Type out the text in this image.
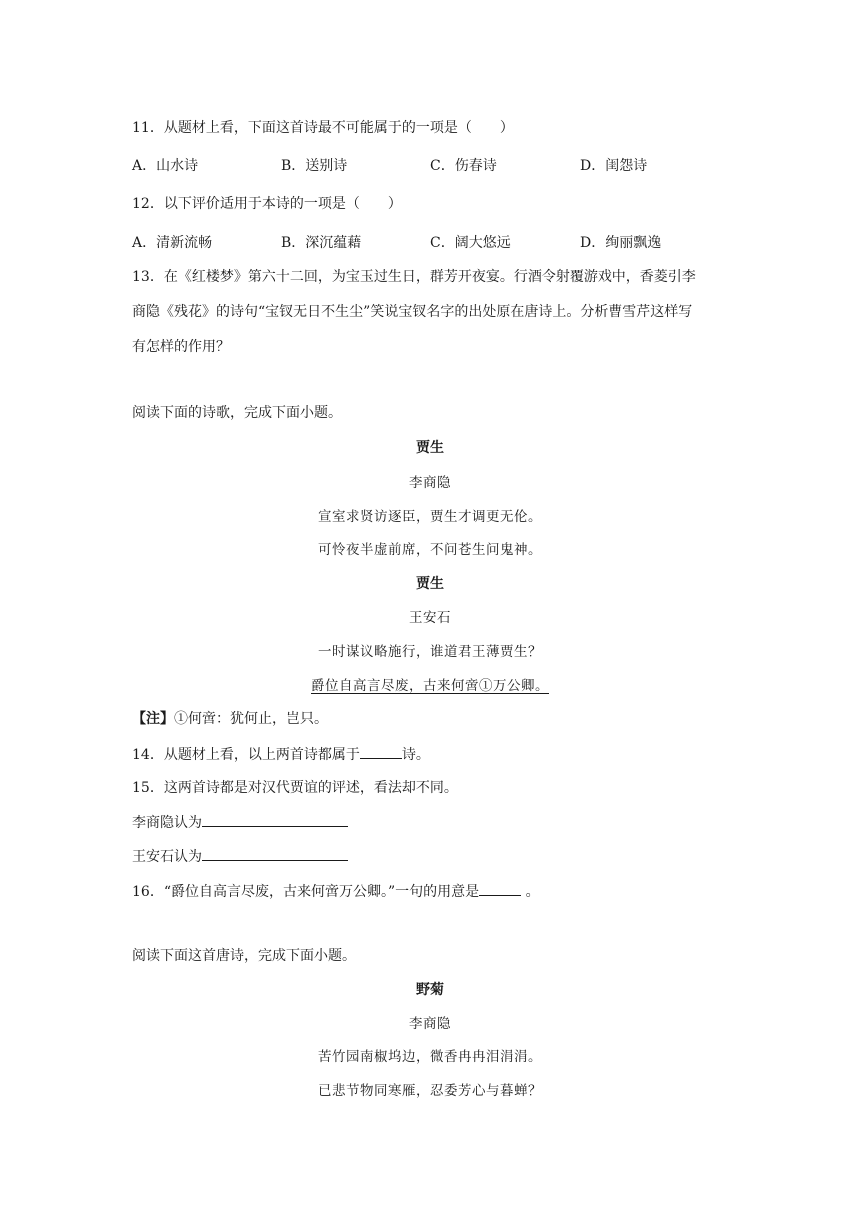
11．从题材上看，下面这首诗最不可能属于的一项是（　　）
A．山水诗	B．送别诗	C．伤春诗	D．闺怨诗
12．以下评价适用于本诗的一项是（　　）
A．清新流畅	B．深沉蕴藉	C．阔大悠远	D．绚丽飘逸
13．在《红楼梦》第六十二回，为宝玉过生日，群芳开夜宴。行酒令射覆游戏中，香菱引李
商隐《残花》的诗句“宝钗无日不生尘”笑说宝钗名字的出处原在唐诗上。分析曹雪芹这样写
有怎样的作用？
阅读下面的诗歌，完成下面小题。
贾生
李商隐
宣室求贤访逐臣，贾生才调更无伦。
可怜夜半虚前席，不问苍生问鬼神。
贾生
王安石
一时谋议略施行，谁道君王薄贾生？
爵位自高言尽废，古来何啻①万公卿。
【注】①何啻：犹何止，岂只。
14．从题材上看，以上两首诗都属于	诗。
15．这两首诗都是对汉代贾谊的评述，看法却不同。
李商隐认为
王安石认为
16．“爵位自高言尽废，古来何啻万公卿。”一句的用意是	。
阅读下面这首唐诗，完成下面小题。
野菊
李商隐
苦竹园南椒坞边，微香冉冉泪涓涓。
已悲节物同寒雁，忍委芳心与暮蝉？
